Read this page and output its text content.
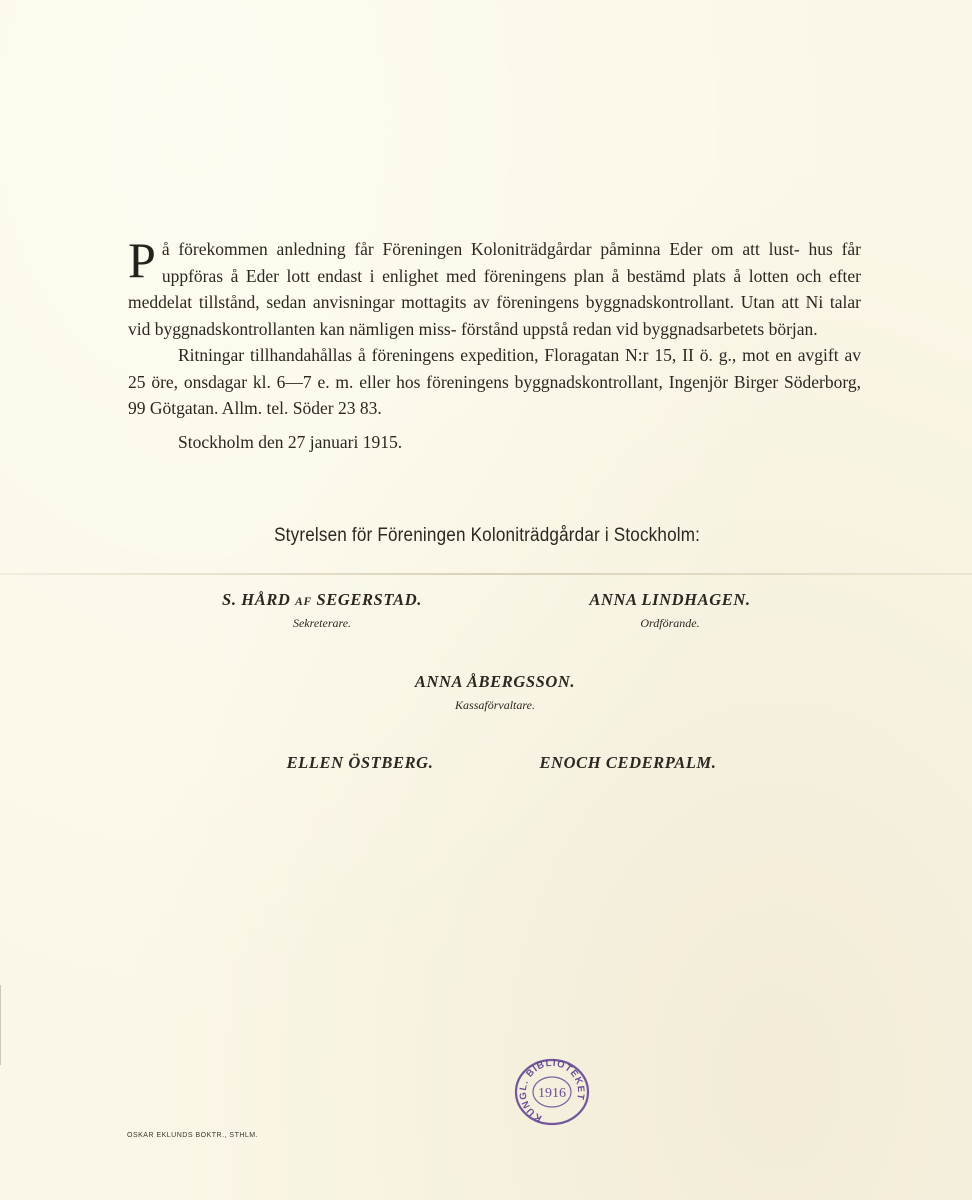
På förekommen anledning får Föreningen Koloniträdgårdar påminna Eder om att lust- hus får uppföras å Eder lott endast i enlighet med föreningens plan å bestämd plats å lotten och efter meddelat tillstånd, sedan anvisningar mottagits av föreningens byggnadskontrollant. Utan att Ni talar vid byggnadskontrollanten kan nämligen miss- förstånd uppstå redan vid byggnadsarbetets början.

Ritningar tillhandahållas å föreningens expedition, Floragatan N:r 15, II ö. g., mot en avgift av 25 öre, onsdagar kl. 6—7 e. m. eller hos föreningens byggnadskontrollant, Ingenjör Birger Söderborg, 99 Götgatan. Allm. tel. Söder 23 83.

Stockholm den 27 januari 1915.

Styrelsen för Föreningen Koloniträdgårdar i Stockholm:
S. HÅRD AF SEGERSTAD.
Sekreterare.
ANNA LINDHAGEN.
Ordförande.
ANNA ÅBERGSSON.
Kassaförvaltare.
ELLEN ÖSTBERG.	ENOCH CEDERPALM.
OSKAR EKLUNDS BOKTR., STHLM.
KUNGL. BIBLIOTEKET
1916
